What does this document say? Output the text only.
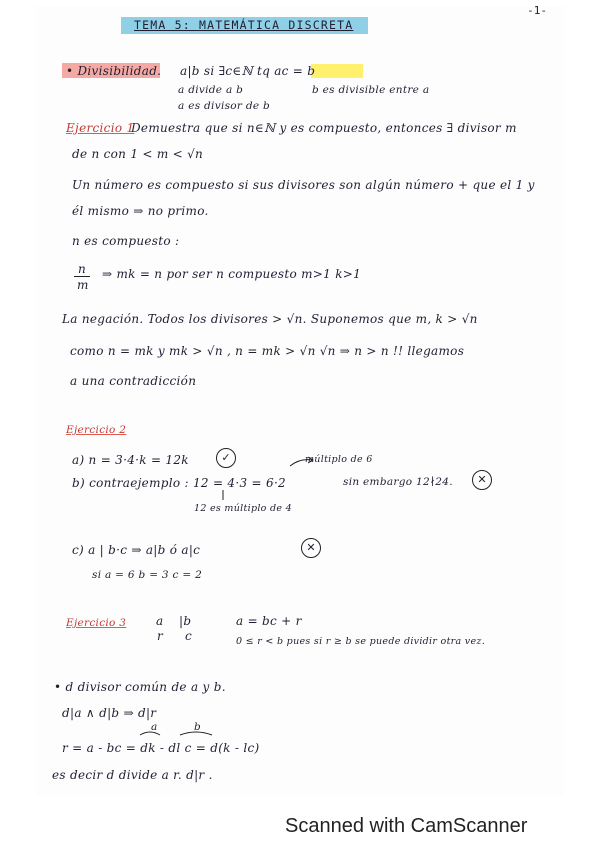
-1-
TEMA 5: MATEMÁTICA DISCRETA
• Divisibilidad. a|b si ∃c∈ℕ tq ac = b
a divide a b
a es divisor de b
b es divisible entre a
Ejercicio 1
Demuestra que si n∈ℕ y es compuesto, entonces ∃ divisor m
de n con 1 < m < √n
Un número es compuesto si sus divisores son algún número + que el 1 y
él mismo ⇒ no primo.
n es compuesto :
n
m
⇒ mk = n por ser n compuesto m>1 k>1
La negación. Todos los divisores > √n. Suponemos que m, k > √n
como n = mk y mk > √n , n = mk > √n √n ⇒ n > n !! llegamos
a una contradicción
Ejercicio 2
a) n = 3·4·k = 12k	✓
b) contraejemplo : 12 = 4·3 = 6·2
múltiplo de 6
sin embargo 12∤24.	✕
12 es múltiplo de 4
c) a | b·c ⇒ a|b ó a|c	✕
si a = 6 b = 3 c = 2
Ejercicio 3 a |b
r c
a = bc + r
0 ≤ r < b pues si r ≥ b se puede dividir otra vez.
• d divisor común de a y b.
d|a ∧ d|b ⇒ d|r
a	b
r = a - bc = dk - dl c = d(k - lc)
es decir d divide a r. d|r .
Scanned with CamScanner
